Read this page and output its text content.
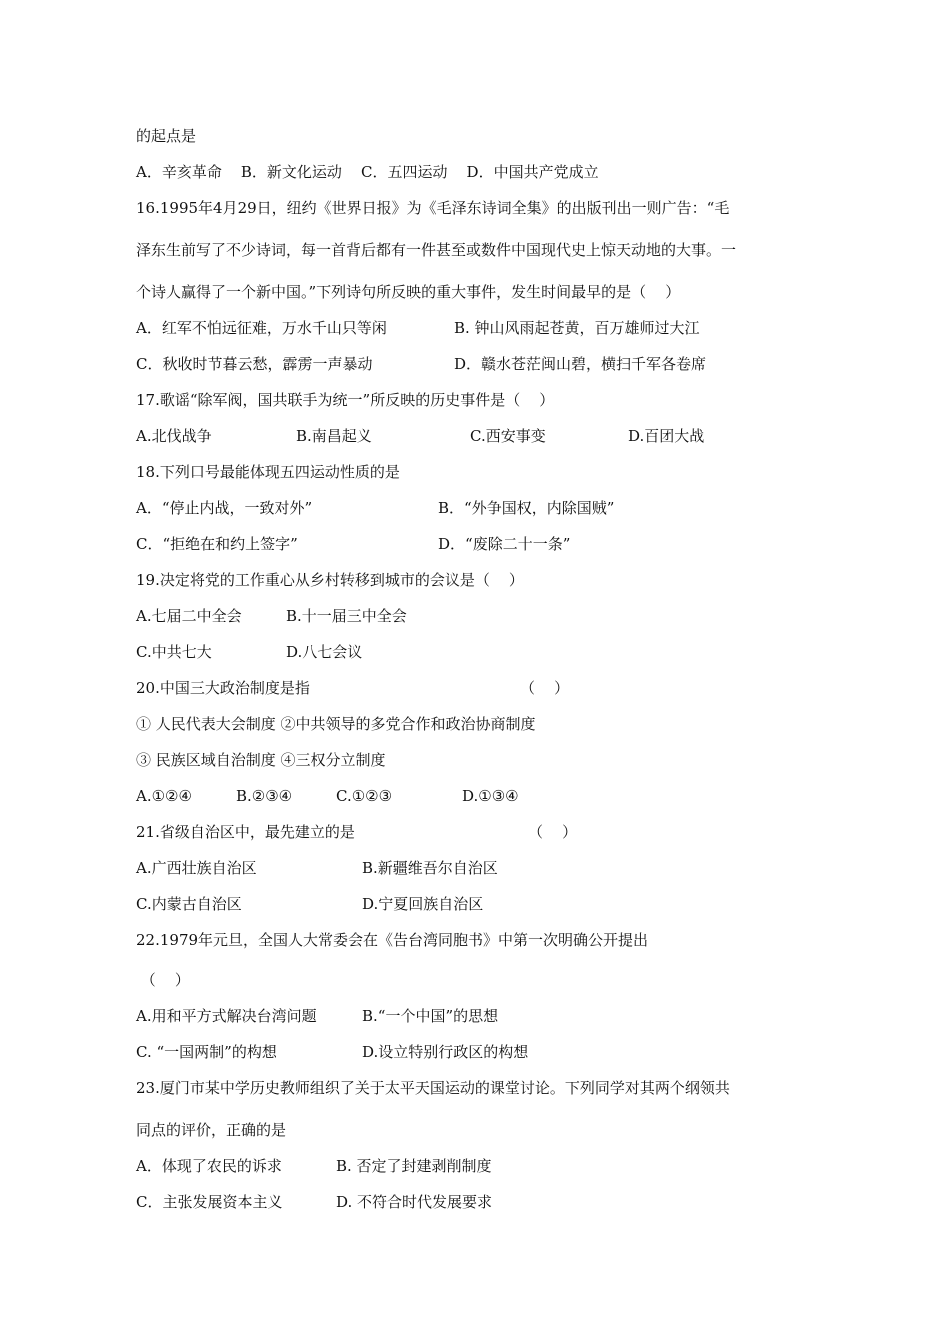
的起点是
A．辛亥革命    B．新文化运动    C．五四运动    D．中国共产党成立
16.1995年4月29日，纽约《世界日报》为《毛泽东诗词全集》的出版刊出一则广告：“毛
泽东生前写了不少诗词，每一首背后都有一件甚至或数件中国现代史上惊天动地的大事。一
个诗人赢得了一个新中国。”下列诗句所反映的重大事件，发生时间最早的是（    ）
A．红军不怕远征难，万水千山只等闲	B. 钟山风雨起苍黄，百万雄师过大江
C．秋收时节暮云愁，霹雳一声暴动	D．赣水苍茫闽山碧，横扫千军各卷席
17.歌谣“除军阀，国共联手为统一”所反映的历史事件是（    ）
A.北伐战争	B.南昌起义	C.西安事变	D.百团大战
18.下列口号最能体现五四运动性质的是
A．“停止内战，一致对外”	B．“外争国权，内除国贼”
C．“拒绝在和约上签字”	D．“废除二十一条”
19.决定将党的工作重心从乡村转移到城市的会议是（    ）
A.七届二中全会	B.十一届三中全会
C.中共七大	D.八七会议
20.中国三大政治制度是指	（    ）
① 人民代表大会制度 ②中共领导的多党合作和政治协商制度
③ 民族区域自治制度 ④三权分立制度
A.①②④	B.②③④	C.①②③	D.①③④
21.省级自治区中，最先建立的是	（    ）
A.广西壮族自治区	B.新疆维吾尔自治区
C.内蒙古自治区	D.宁夏回族自治区
22.1979年元旦，全国人大常委会在《告台湾同胞书》中第一次明确公开提出
（    ）
A.用和平方式解决台湾问题	B.“一个中国”的思想
C. “一国两制”的构想	D.设立特别行政区的构想
23.厦门市某中学历史教师组织了关于太平天国运动的课堂讨论。下列同学对其两个纲领共
同点的评价，正确的是
A．体现了农民的诉求	B. 否定了封建剥削制度
C．主张发展资本主义	D. 不符合时代发展要求
